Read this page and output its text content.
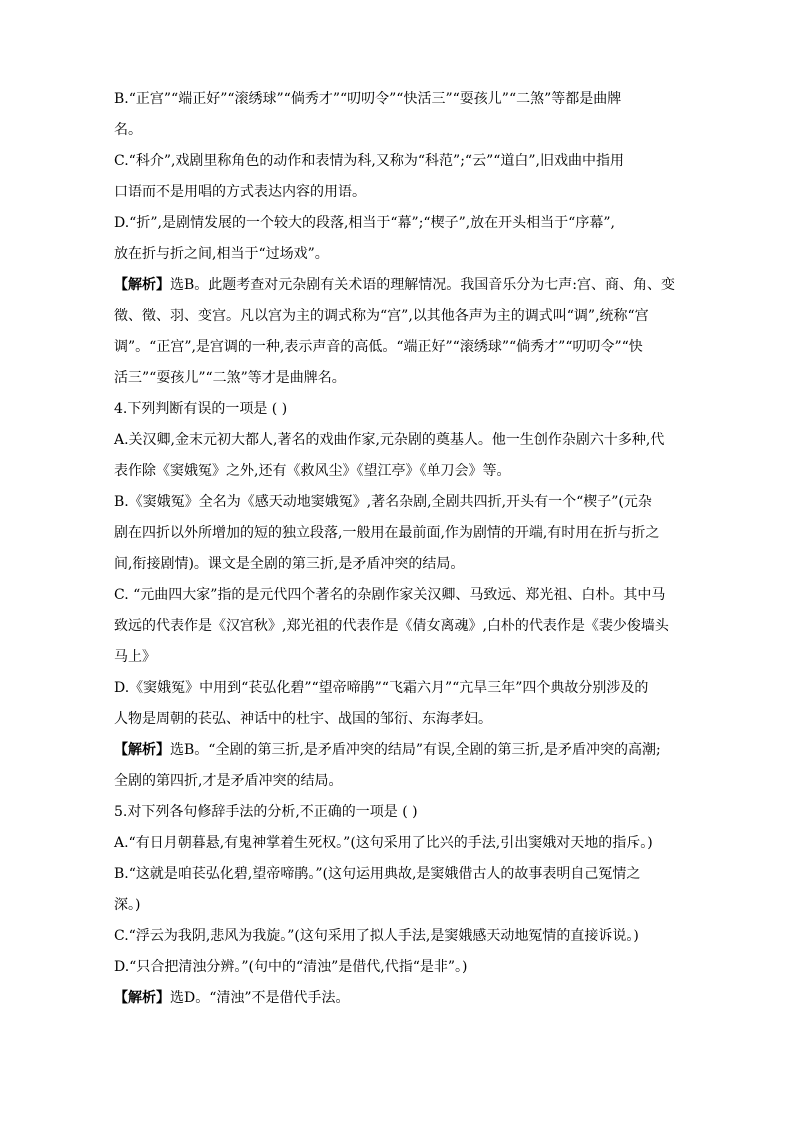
B.“正宫”“端正好”“滚绣球”“倘秀才”“叨叨令”“快活三”“耍孩儿”“二煞”等都是曲牌
名。
C.“科介”,戏剧里称角色的动作和表情为科,又称为“科范”;“云”“道白”,旧戏曲中指用
口语而不是用唱的方式表达内容的用语。
D.“折”,是剧情发展的一个较大的段落,相当于“幕”;“楔子”,放在开头相当于“序幕”,
放在折与折之间,相当于“过场戏”。
【解析】选B。此题考查对元杂剧有关术语的理解情况。我国音乐分为七声:宫、商、角、变
徵、徵、羽、变宫。凡以宫为主的调式称为“宫”,以其他各声为主的调式叫“调”,统称“宫
调”。“正宫”,是宫调的一种,表示声音的高低。“端正好”“滚绣球”“倘秀才”“叨叨令”“快
活三”“耍孩儿”“二煞”等才是曲牌名。
4.下列判断有误的一项是 ( )
A.关汉卿,金末元初大都人,著名的戏曲作家,元杂剧的奠基人。他一生创作杂剧六十多种,代
表作除《窦娥冤》之外,还有《救风尘》《望江亭》《单刀会》等。
B.《窦娥冤》全名为《感天动地窦娥冤》,著名杂剧,全剧共四折,开头有一个“楔子”(元杂
剧在四折以外所增加的短的独立段落,一般用在最前面,作为剧情的开端,有时用在折与折之
间,衔接剧情)。课文是全剧的第三折,是矛盾冲突的结局。
C. “元曲四大家”指的是元代四个著名的杂剧作家关汉卿、马致远、郑光祖、白朴。其中马
致远的代表作是《汉宫秋》,郑光祖的代表作是《倩女离魂》,白朴的代表作是《裴少俊墙头
马上》
D.《窦娥冤》中用到“苌弘化碧”“望帝啼鹃”“飞霜六月”“亢旱三年”四个典故分别涉及的
人物是周朝的苌弘、神话中的杜宇、战国的邹衍、东海孝妇。
【解析】选B。“全剧的第三折,是矛盾冲突的结局”有误,全剧的第三折,是矛盾冲突的高潮;
全剧的第四折,才是矛盾冲突的结局。
5.对下列各句修辞手法的分析,不正确的一项是 ( )
A.“有日月朝暮悬,有鬼神掌着生死权。”(这句采用了比兴的手法,引出窦娥对天地的指斥。)
B.“这就是咱苌弘化碧,望帝啼鹃。”(这句运用典故,是窦娥借古人的故事表明自己冤情之
深。)
C.“浮云为我阴,悲风为我旋。”(这句采用了拟人手法,是窦娥感天动地冤情的直接诉说。)
D.“只合把清浊分辨。”(句中的“清浊”是借代,代指“是非”。)
【解析】选D。“清浊”不是借代手法。
